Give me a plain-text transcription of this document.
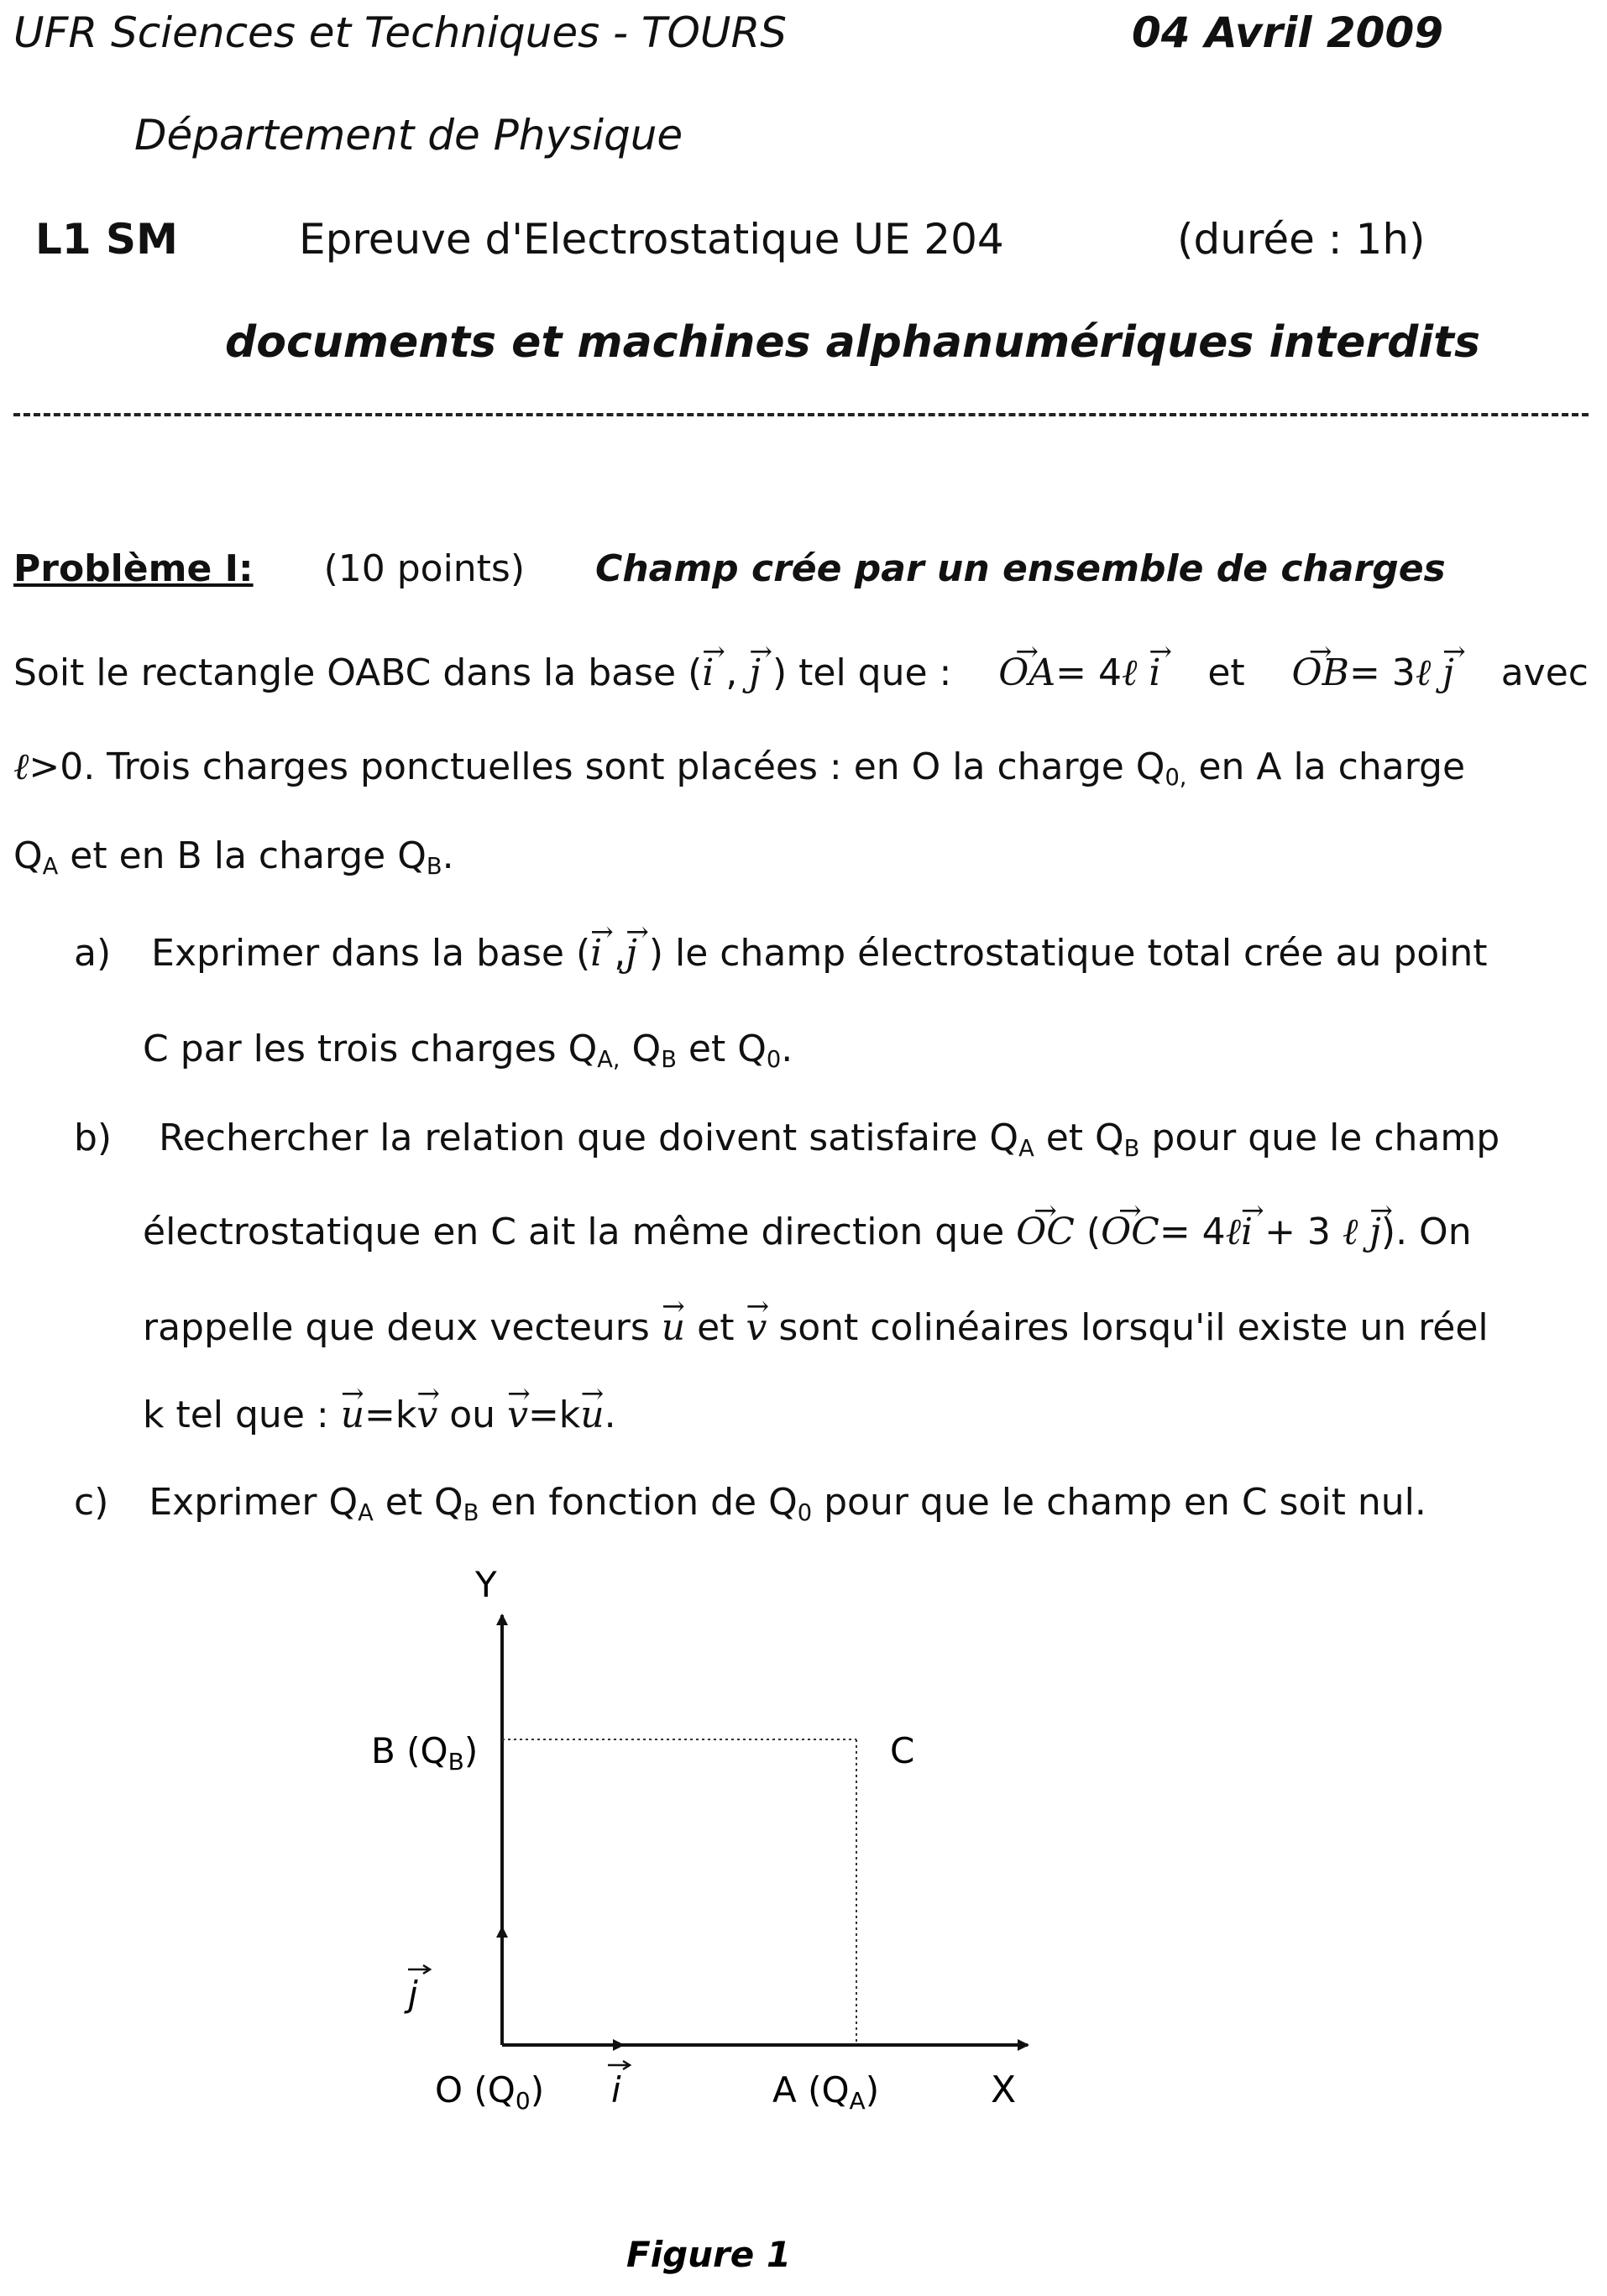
UFR Sciences et Techniques - TOURS	04 Avril 2009
Département de Physique
L1 SM	Epreuve d'Electrostatique UE 204	(durée : 1h)
documents et machines alphanumériques interdits
Problème I: (10 points) Champ crée par un ensemble de charges
Soit le rectangle OABC dans la base (→ i , → j ) tel que : → OA= 4ℓ → i et → OB= 3ℓ → j avec
ℓ>0. Trois charges ponctuelles sont placées : en O la charge $Q_{0,}$ en A la charge
$Q_A$ et en B la charge $Q_B$.
a) Exprimer dans la base (→ i ,→ j ) le champ électrostatique total crée au point
C par les trois charges $Q_{A,}$ $Q_B$ et $Q_0$.
b) Rechercher la relation que doivent satisfaire $Q_A$ et $Q_B$ pour que le champ
électrostatique en C ait la même direction que → OC (→ OC= 4ℓ→ i + 3 ℓ → j). On
rappelle que deux vecteurs → u et → v sont colinéaires lorsqu'il existe un réel
k tel que : → u=k→ v ou → v=k→ u.
c) Exprimer $Q_A$ et $Q_B$ en fonction de $Q_0$ pour que le champ en C soit nul.
Y
X
B (QB)	C
O (Q0)	A (QA)
i
j
Figure 1
